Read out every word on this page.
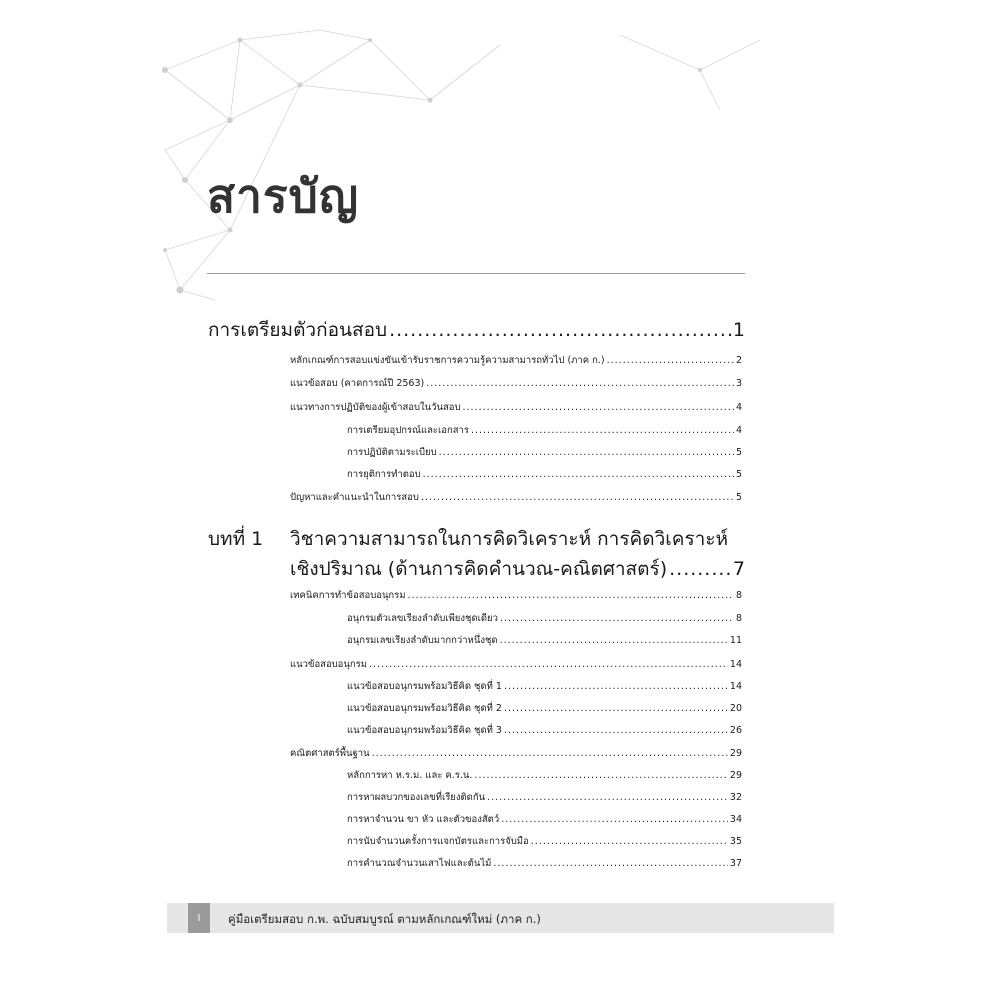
สารบัญ
การเตรียมตัวก่อนสอบ .....	1
หลักเกณฑ์การสอบแข่งขันเข้ารับราชการความรู้ความสามารถทั่วไป (ภาค ก.) .....	2
แนวข้อสอบ (คาดการณ์ปี 2563) .....	3
แนวทางการปฏิบัติของผู้เข้าสอบในวันสอบ .....	4
การเตรียมอุปกรณ์และเอกสาร .....	4
การปฏิบัติตามระเบียบ .....	5
การยุติการทำตอบ .....	5
ปัญหาและคำแนะนำในการสอบ .....	5
บทที่ 1 วิชาความสามารถในการคิดวิเคราะห์ การคิดวิเคราะห์
เชิงปริมาณ (ด้านการคิดคำนวณ-คณิตศาสตร์) .....	7
เทคนิคการทำข้อสอบอนุกรม .....	8
อนุกรมตัวเลขเรียงลำดับเพียงชุดเดียว .....	8
อนุกรมเลขเรียงลำดับมากกว่าหนึ่งชุด .....	11
แนวข้อสอบอนุกรม .....	14
แนวข้อสอบอนุกรมพร้อมวิธีคิด ชุดที่ 1 .....	14
แนวข้อสอบอนุกรมพร้อมวิธีคิด ชุดที่ 2 .....	20
แนวข้อสอบอนุกรมพร้อมวิธีคิด ชุดที่ 3 .....	26
คณิตศาสตร์พื้นฐาน .....	29
หลักการหา ห.ร.ม. และ ค.ร.น. .....	29
การหาผลบวกของเลขที่เรียงติดกัน .....	32
การหาจำนวน ขา หัว และตัวของสัตว์ .....	34
การนับจำนวนครั้งการแจกบัตรและการจับมือ .....	35
การคำนวณจำนวนเสาไฟและต้นไม้ .....	37
I	คู่มือเตรียมสอบ ก.พ. ฉบับสมบูรณ์ ตามหลักเกณฑ์ใหม่ (ภาค ก.)
